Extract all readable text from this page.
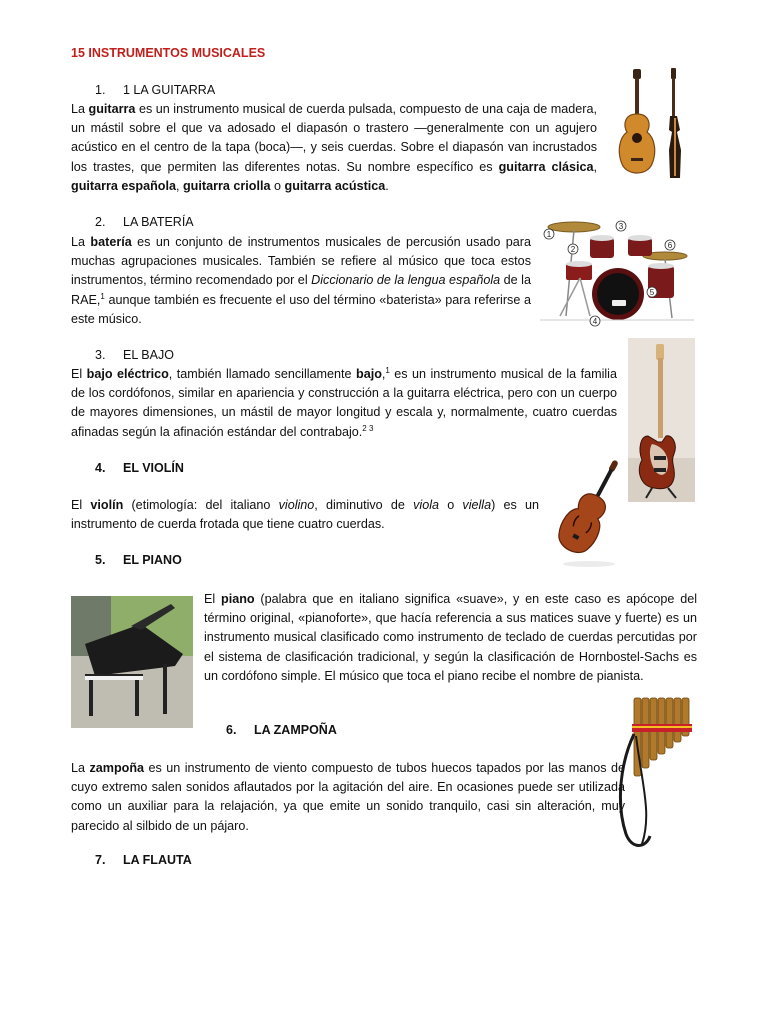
15 INSTRUMENTOS MUSICALES
1. 1 LA GUITARRA

La guitarra es un instrumento musical de cuerda pulsada, compuesto de una caja de madera, un mástil sobre el que va adosado el diapasón o trastero —generalmente con un agujero acústico en el centro de la tapa (boca)—, y seis cuerdas. Sobre el diapasón van incrustados los trastes, que permiten las diferentes notas. Su nombre específico es guitarra clásica, guitarra española, guitarra criolla o guitarra acústica.

2. LA BATERÍA

La batería es un conjunto de instrumentos musicales de percusión usado para muchas agrupaciones musicales. También se refiere al músico que toca estos instrumentos, término recomendado por el Diccionario de la lengua española de la RAE,$^1$ aunque también es frecuente el uso del término «baterista» para referirse a este músico.

1
2
3
4
5
6
3. EL BAJO

El bajo eléctrico, también llamado sencillamente bajo,$^1$ es un instrumento musical de la familia de los cordófonos, similar en apariencia y construcción a la guitarra eléctrica, pero con un cuerpo de mayores dimensiones, un mástil de mayor longitud y escala y, normalmente, cuatro cuerdas afinadas según la afinación estándar del contrabajo.$^{2 3}$

4. EL VIOLÍN

El violín (etimología: del italiano violino, diminutivo de viola o viella) es un instrumento de cuerda frotada que tiene cuatro cuerdas.

5. EL PIANO

El piano (palabra que en italiano significa «suave», y en este caso es apócope del término original, «pianoforte», que hacía referencia a sus matices suave y fuerte) es un instrumento musical clasificado como instrumento de teclado de cuerdas percutidas por el sistema de clasificación tradicional, y según la clasificación de Hornbostel-Sachs es un cordófono simple. El músico que toca el piano recibe el nombre de pianista.

6. LA ZAMPOÑA

La zampoña es un instrumento de viento compuesto de tubos huecos tapados por las manos de cuyo extremo salen sonidos aflautados por la agitación del aire. En ocasiones puede ser utilizada como un auxiliar para la relajación, ya que emite un sonido tranquilo, casi sin alteración, muy parecido al silbido de un pájaro.

7. LA FLAUTA
